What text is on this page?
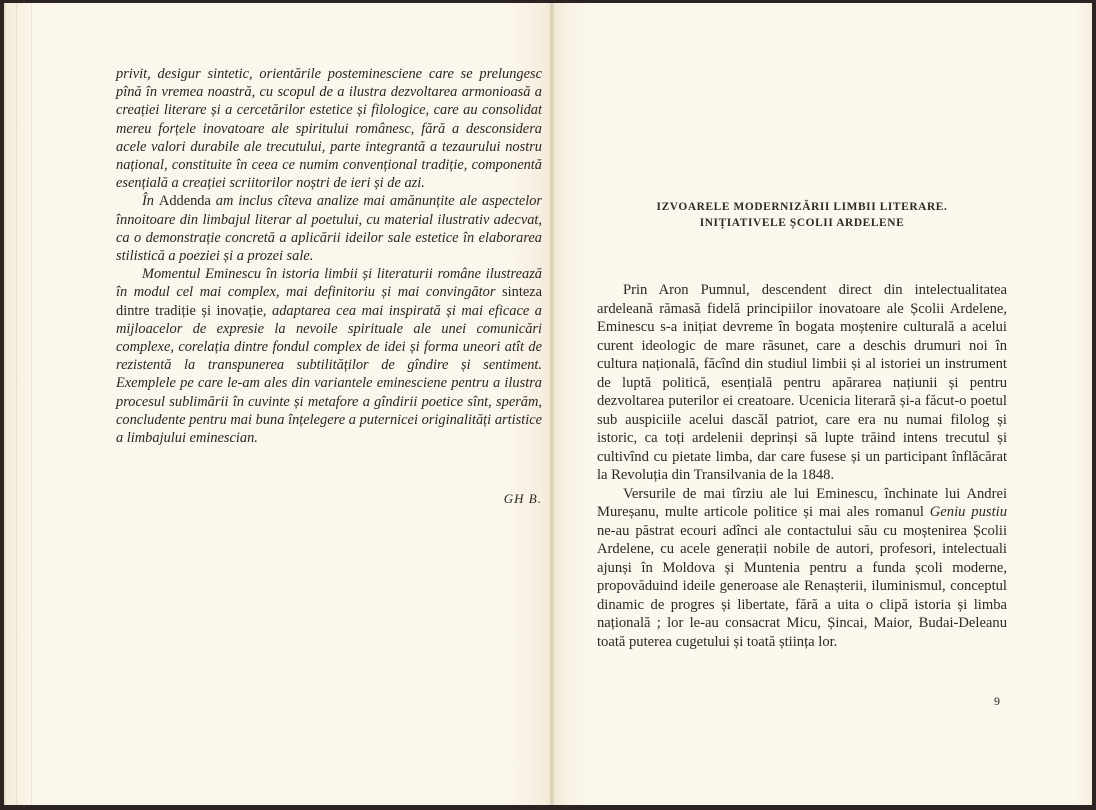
privit, desigur sintetic, orientările posteminesciene care se prelungesc pînă în vremea noastră, cu scopul de a ilustra dezvoltarea armonioasă a creației literare și a cercetărilor estetice și filologice, care au consolidat mereu forțele inovatoare ale spiritului românesc, fără a desconsidera acele valori durabile ale trecutului, parte integrantă a tezaurului nostru național, constituite în ceea ce numim convențional tradiție, componentă esențială a creației scriitorilor noștri de ieri și de azi.

În Addenda am inclus cîteva analize mai amănunțite ale aspectelor înnoitoare din limbajul literar al poetului, cu material ilustrativ adecvat, ca o demonstrație concretă a aplicării ideilor sale estetice în elaborarea stilistică a poeziei și a prozei sale.

Momentul Eminescu în istoria limbii și literaturii române ilustrează în modul cel mai complex, mai definitoriu și mai convingător sinteza dintre tradiție și inovație, adaptarea cea mai inspirată și mai eficace a mijloacelor de expresie la nevoile spirituale ale unei comunicări complexe, corelația dintre fondul complex de idei și forma uneori atît de rezistentă la transpunerea subtilităților de gîndire și sentiment. Exemplele pe care le-am ales din variantele eminesciene pentru a ilustra procesul sublimării în cuvinte și metafore a gîndirii poetice sînt, sperăm, concludente pentru mai buna înțelegere a puternicei originalități artistice a limbajului eminescian.

GH B.
IZVOARELE MODERNIZĂRII LIMBII LITERARE.
INIȚIATIVELE ȘCOLII ARDELENE

Prin Aron Pumnul, descendent direct din intelectualitatea ardeleană rămasă fidelă principiilor inovatoare ale Școlii Ardelene, Eminescu s-a inițiat devreme în bogata moștenire culturală a acelui curent ideologic de mare răsunet, care a deschis drumuri noi în cultura națională, făcînd din studiul limbii și al istoriei un instrument de luptă politică, esențială pentru apărarea națiunii și pentru dezvoltarea puterilor ei creatoare. Ucenicia literară și-a făcut-o poetul sub auspiciile acelui dascăl patriot, care era nu numai filolog și istoric, ca toți ardelenii deprinși să lupte trăind intens trecutul și cultivînd cu pietate limba, dar care fusese și un participant înflăcărat la Revoluția din Transilvania de la 1848.

Versurile de mai tîrziu ale lui Eminescu, închinate lui Andrei Mureșanu, multe articole politice și mai ales romanul Geniu pustiu ne-au păstrat ecouri adînci ale contactului său cu moștenirea Școlii Ardelene, cu acele generații nobile de autori, profesori, intelectuali ajunși în Moldova și Muntenia pentru a funda școli moderne, propovăduind ideile generoase ale Renașterii, iluminismul, conceptul dinamic de progres și libertate, fără a uita o clipă istoria și limba națională ; lor le-au consacrat Micu, Șincai, Maior, Budai-Deleanu toată puterea cugetului și toată știința lor.

9
